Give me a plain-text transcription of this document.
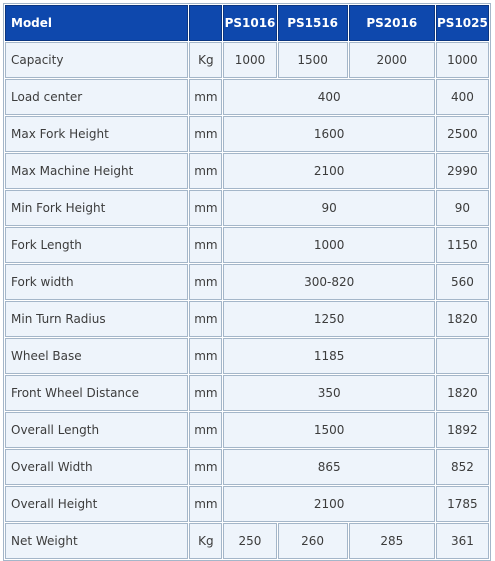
Model		PS1016	PS1516	PS2016	PS1025
Capacity	Kg	1000	1500	2000	1000
Load center	mm	400			400
Max Fork Height	mm	1600			2500
Max Machine Height	mm	2100			2990
Min Fork Height	mm	90			90
Fork Length	mm	1000			1150
Fork width	mm	300-820			560
Min Turn Radius	mm	1250			1820
Wheel Base	mm	1185			
Front Wheel Distance	mm	350			1820
Overall Length	mm	1500			1892
Overall Width	mm	865			852
Overall Height	mm	2100			1785
Net Weight	Kg	250	260	285	361
